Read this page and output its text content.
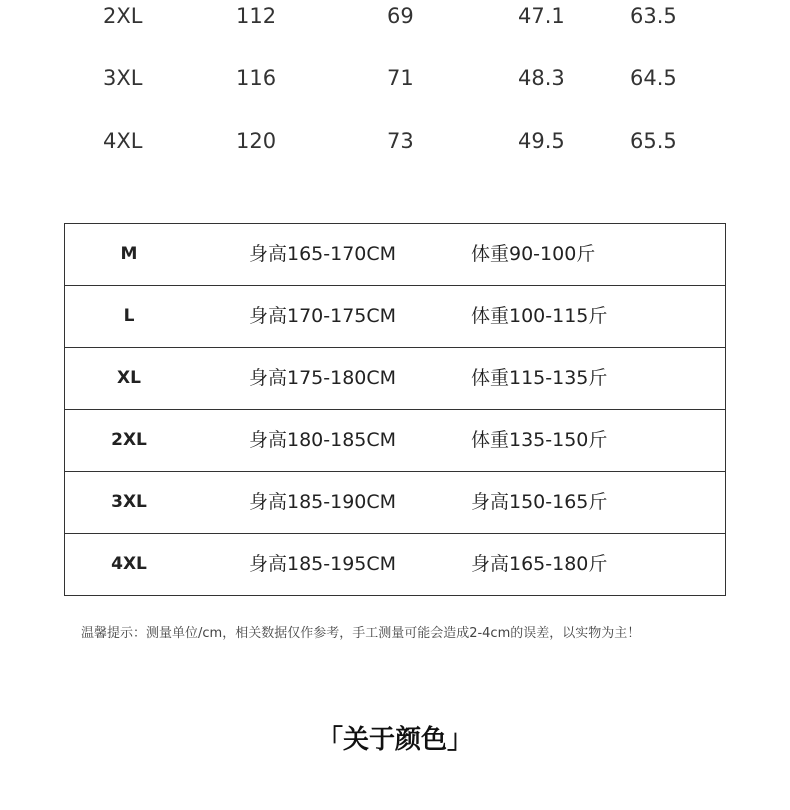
2XL	112	69	47.1	63.5
3XL	116	71	48.3	64.5
4XL	120	73	49.5	65.5
M	身高165-170CM	体重90-100斤
L	身高170-175CM	体重100-115斤
XL	身高175-180CM	体重115-135斤
2XL	身高180-185CM	体重135-150斤
3XL	身高185-190CM	身高150-165斤
4XL	身高185-195CM	身高165-180斤
温馨提示：测量单位/cm，相关数据仅作参考，手工测量可能会造成2-4cm的误差，以实物为主！
「关于颜色」
